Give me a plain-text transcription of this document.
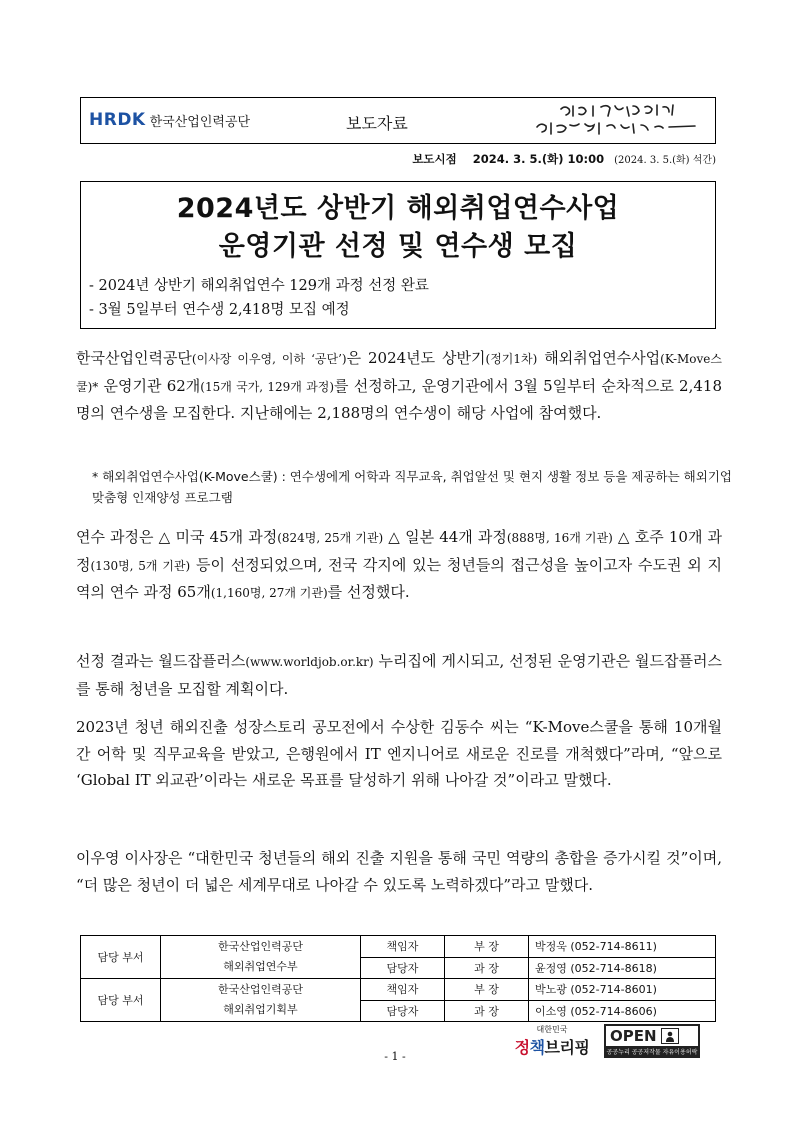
HRDK 한국산업인력공단	보도자료
보도시점 2024. 3. 5.(화) 10:00 (2024. 3. 5.(화) 석간)
2024년도 상반기 해외취업연수사업
운영기관 선정 및 연수생 모집
- 2024년 상반기 해외취업연수 129개 과정 선정 완료
- 3월 5일부터 연수생 2,418명 모집 예정

한국산업인력공단(이사장 이우영, 이하 ‘공단’)은 2024년도 상반기(정기1차) 해외취업연수사업(K-Move스쿨)* 운영기관 62개(15개 국가, 129개 과정)를 선정하고, 운영기관에서 3월 5일부터 순차적으로 2,418명의 연수생을 모집한다. 지난해에는 2,188명의 연수생이 해당 사업에 참여했다.

* 해외취업연수사업(K-Move스쿨) : 연수생에게 어학과 직무교육, 취업알선 및 현지 생활 정보 등을 제공하는 해외기업 맞춤형 인재양성 프로그램

연수 과정은 △ 미국 45개 과정(824명, 25개 기관) △ 일본 44개 과정(888명, 16개 기관) △ 호주 10개 과정(130명, 5개 기관) 등이 선정되었으며, 전국 각지에 있는 청년들의 접근성을 높이고자 수도권 외 지역의 연수 과정 65개(1,160명, 27개 기관)를 선정했다.

선정 결과는 월드잡플러스(www.worldjob.or.kr) 누리집에 게시되고, 선정된 운영기관은 월드잡플러스를 통해 청년을 모집할 계획이다.

2023년 청년 해외진출 성장스토리 공모전에서 수상한 김동수 씨는 “K-Move스쿨을 통해 10개월간 어학 및 직무교육을 받았고, 은행원에서 IT 엔지니어로 새로운 진로를 개척했다”라며, “앞으로 ‘Global IT 외교관’이라는 새로운 목표를 달성하기 위해 나아갈 것”이라고 말했다.

이우영 이사장은 “대한민국 청년들의 해외 진출 지원을 통해 국민 역량의 총합을 증가시킬 것”이며, “더 많은 청년이 더 넓은 세계무대로 나아갈 수 있도록 노력하겠다”라고 말했다.

담당 부서	한국산업인력공단
해외취업연수부	책임자	부 장	박정욱 (052-714-8611)
		담당자	과 장	윤정영 (052-714-8618)
담당 부서	한국산업인력공단
해외취업기획부	책임자	부 장	박노광 (052-714-8601)
		담당자	과 장	이소영 (052-714-8606)
- 1 -
대한민국
정책브리핑
OPEN
공공누리 공공저작물 자유이용허락
